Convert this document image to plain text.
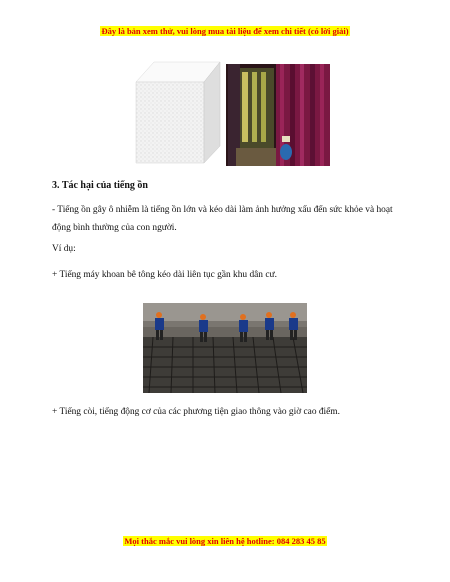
Đây là bản xem thử, vui lòng mua tài liệu để xem chi tiết (có lời giải)
3. Tác hại của tiếng ồn
- Tiếng ồn gây ô nhiễm là tiếng ồn lớn và kéo dài làm ảnh hưởng xấu đến sức khỏe và hoạt động bình thường của con người.
Ví dụ:
+ Tiếng máy khoan bê tông kéo dài liên tục gần khu dân cư.
+ Tiếng còi, tiếng động cơ của các phương tiện giao thông vào giờ cao điểm.
Mọi thắc mắc vui lòng xin liên hệ hotline: 084 283 45 85
